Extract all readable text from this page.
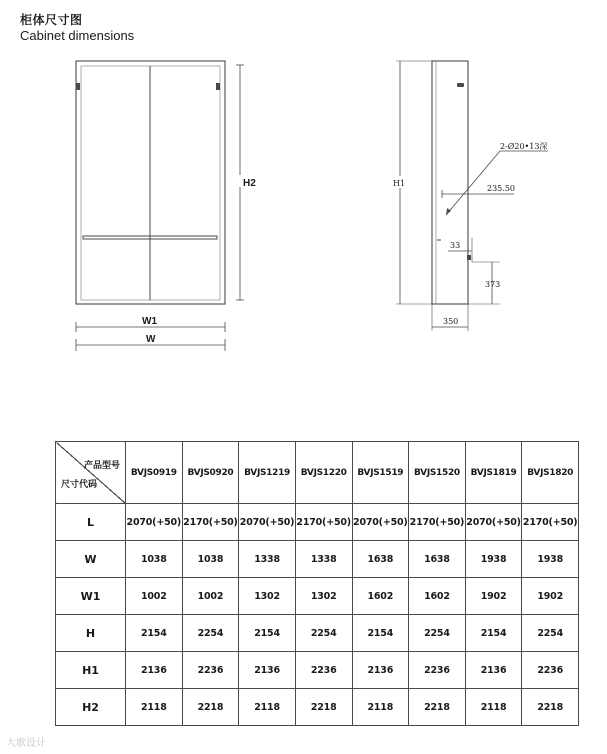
柜体尺寸图
Cabinet dimensions
H2
W1
W
H1
2-Ø20•13深
235.50
33
373
350
产品型号
尺寸代码	BVJS0919	BVJS0920	BVJS1219	BVJS1220	BVJS1519	BVJS1520	BVJS1819	BVJS1820
L	2070(+50)	2170(+50)	2070(+50)	2170(+50)	2070(+50)	2170(+50)	2070(+50)	2170(+50)
W	1038	1038	1338	1338	1638	1638	1938	1938
W1	1002	1002	1302	1302	1602	1602	1902	1902
H	2154	2254	2154	2254	2154	2254	2154	2254
H1	2136	2236	2136	2236	2136	2236	2136	2236
H2	2118	2218	2118	2218	2118	2218	2118	2218
大歌设计
